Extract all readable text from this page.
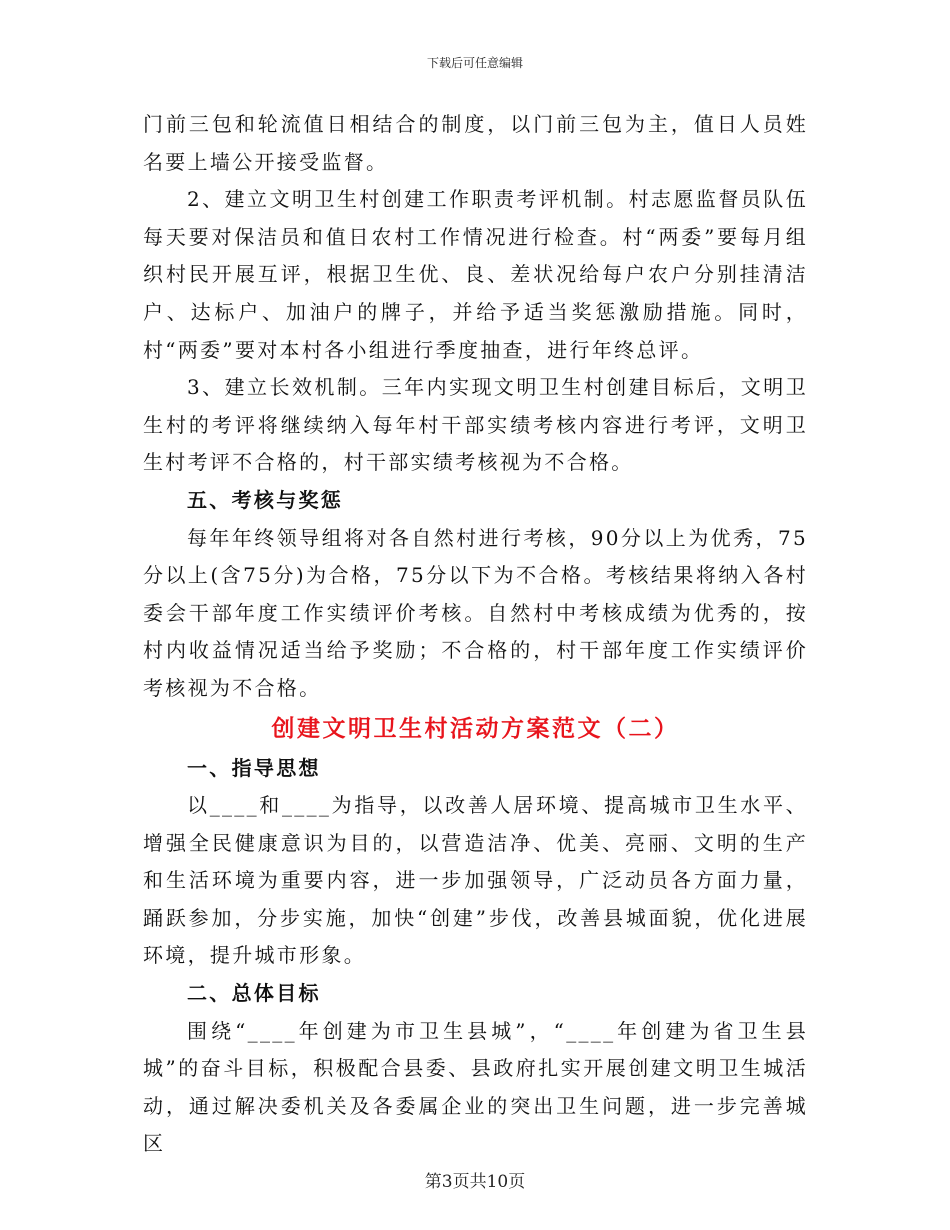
下载后可任意编辑

门前三包和轮流值日相结合的制度，以门前三包为主，值日人员姓名要上墙公开接受监督。

2、建立文明卫生村创建工作职责考评机制。村志愿监督员队伍每天要对保洁员和值日农村工作情况进行检查。村“两委”要每月组织村民开展互评，根据卫生优、良、差状况给每户农户分别挂清洁户、达标户、加油户的牌子，并给予适当奖惩激励措施。同时，村“两委”要对本村各小组进行季度抽查，进行年终总评。

3、建立长效机制。三年内实现文明卫生村创建目标后，文明卫生村的考评将继续纳入每年村干部实绩考核内容进行考评，文明卫生村考评不合格的，村干部实绩考核视为不合格。

五、考核与奖惩

每年年终领导组将对各自然村进行考核，90分以上为优秀，75分以上(含75分)为合格，75分以下为不合格。考核结果将纳入各村委会干部年度工作实绩评价考核。自然村中考核成绩为优秀的，按村内收益情况适当给予奖励；不合格的，村干部年度工作实绩评价考核视为不合格。

创建文明卫生村活动方案范文（二）

一、指导思想

以____和____为指导，以改善人居环境、提高城市卫生水平、增强全民健康意识为目的，以营造洁净、优美、亮丽、文明的生产和生活环境为重要内容，进一步加强领导，广泛动员各方面力量，踊跃参加，分步实施，加快“创建”步伐，改善县城面貌，优化进展环境，提升城市形象。

二、总体目标

围绕“____年创建为市卫生县城”，“____年创建为省卫生县城”的奋斗目标，积极配合县委、县政府扎实开展创建文明卫生城活动，通过解决委机关及各委属企业的突出卫生问题，进一步完善城区

第3页共10页
